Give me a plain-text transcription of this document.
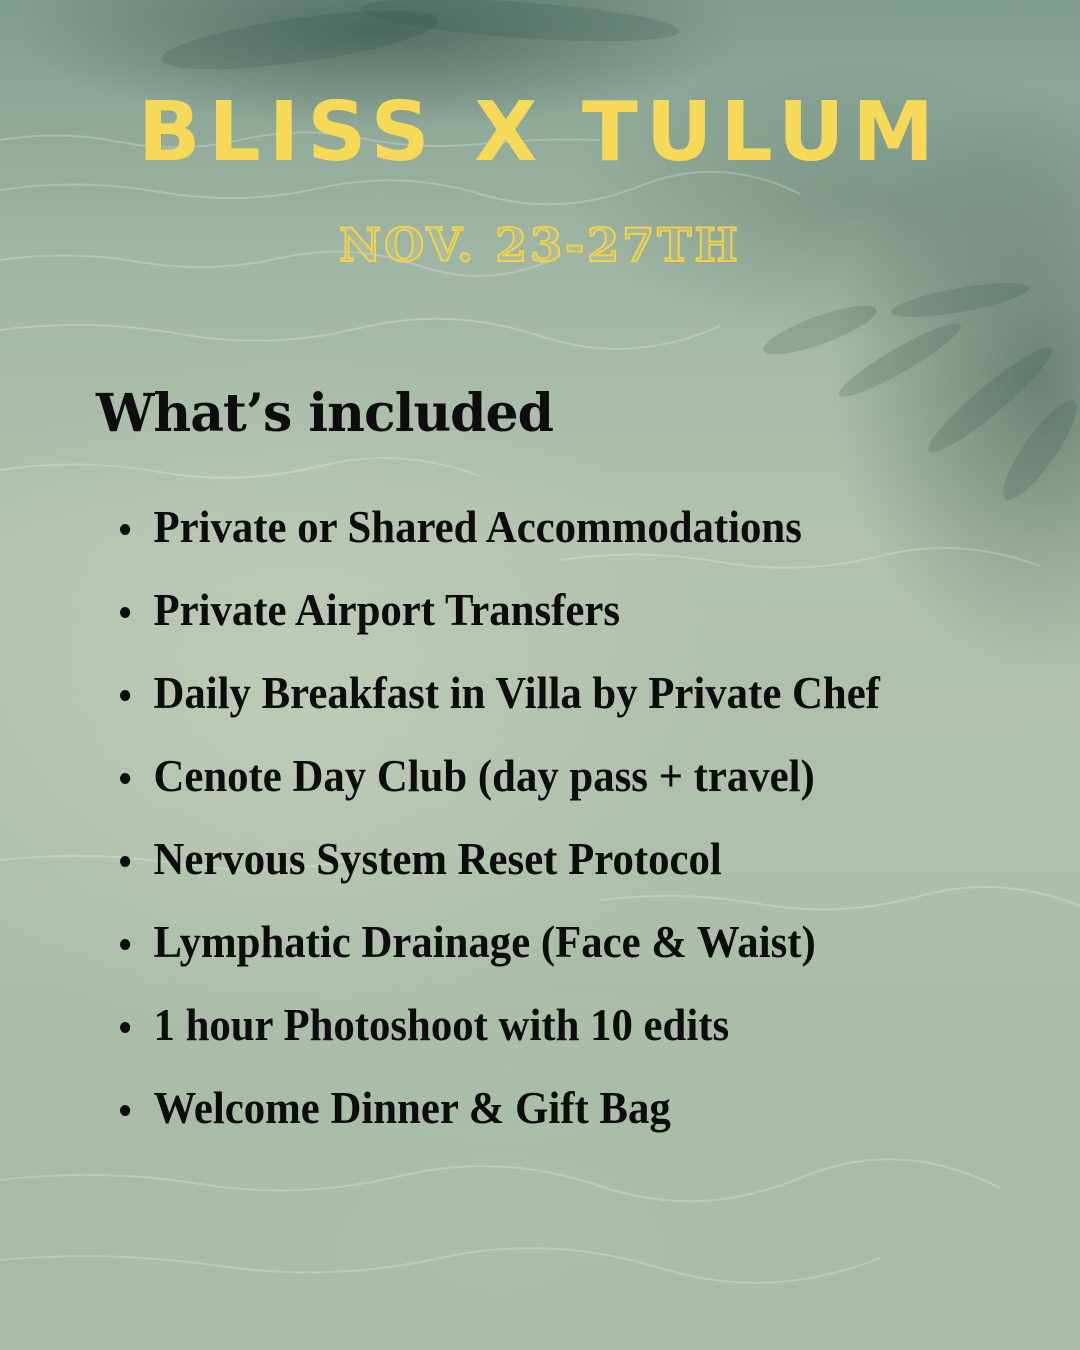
BLISS X TULUM
NOV. 23-27TH
What’s included
Private or Shared Accommodations
Private Airport Transfers
Daily Breakfast in Villa by Private Chef
Cenote Day Club (day pass + travel)
Nervous System Reset Protocol
Lymphatic Drainage (Face & Waist)
1 hour Photoshoot with 10 edits
Welcome Dinner & Gift Bag
